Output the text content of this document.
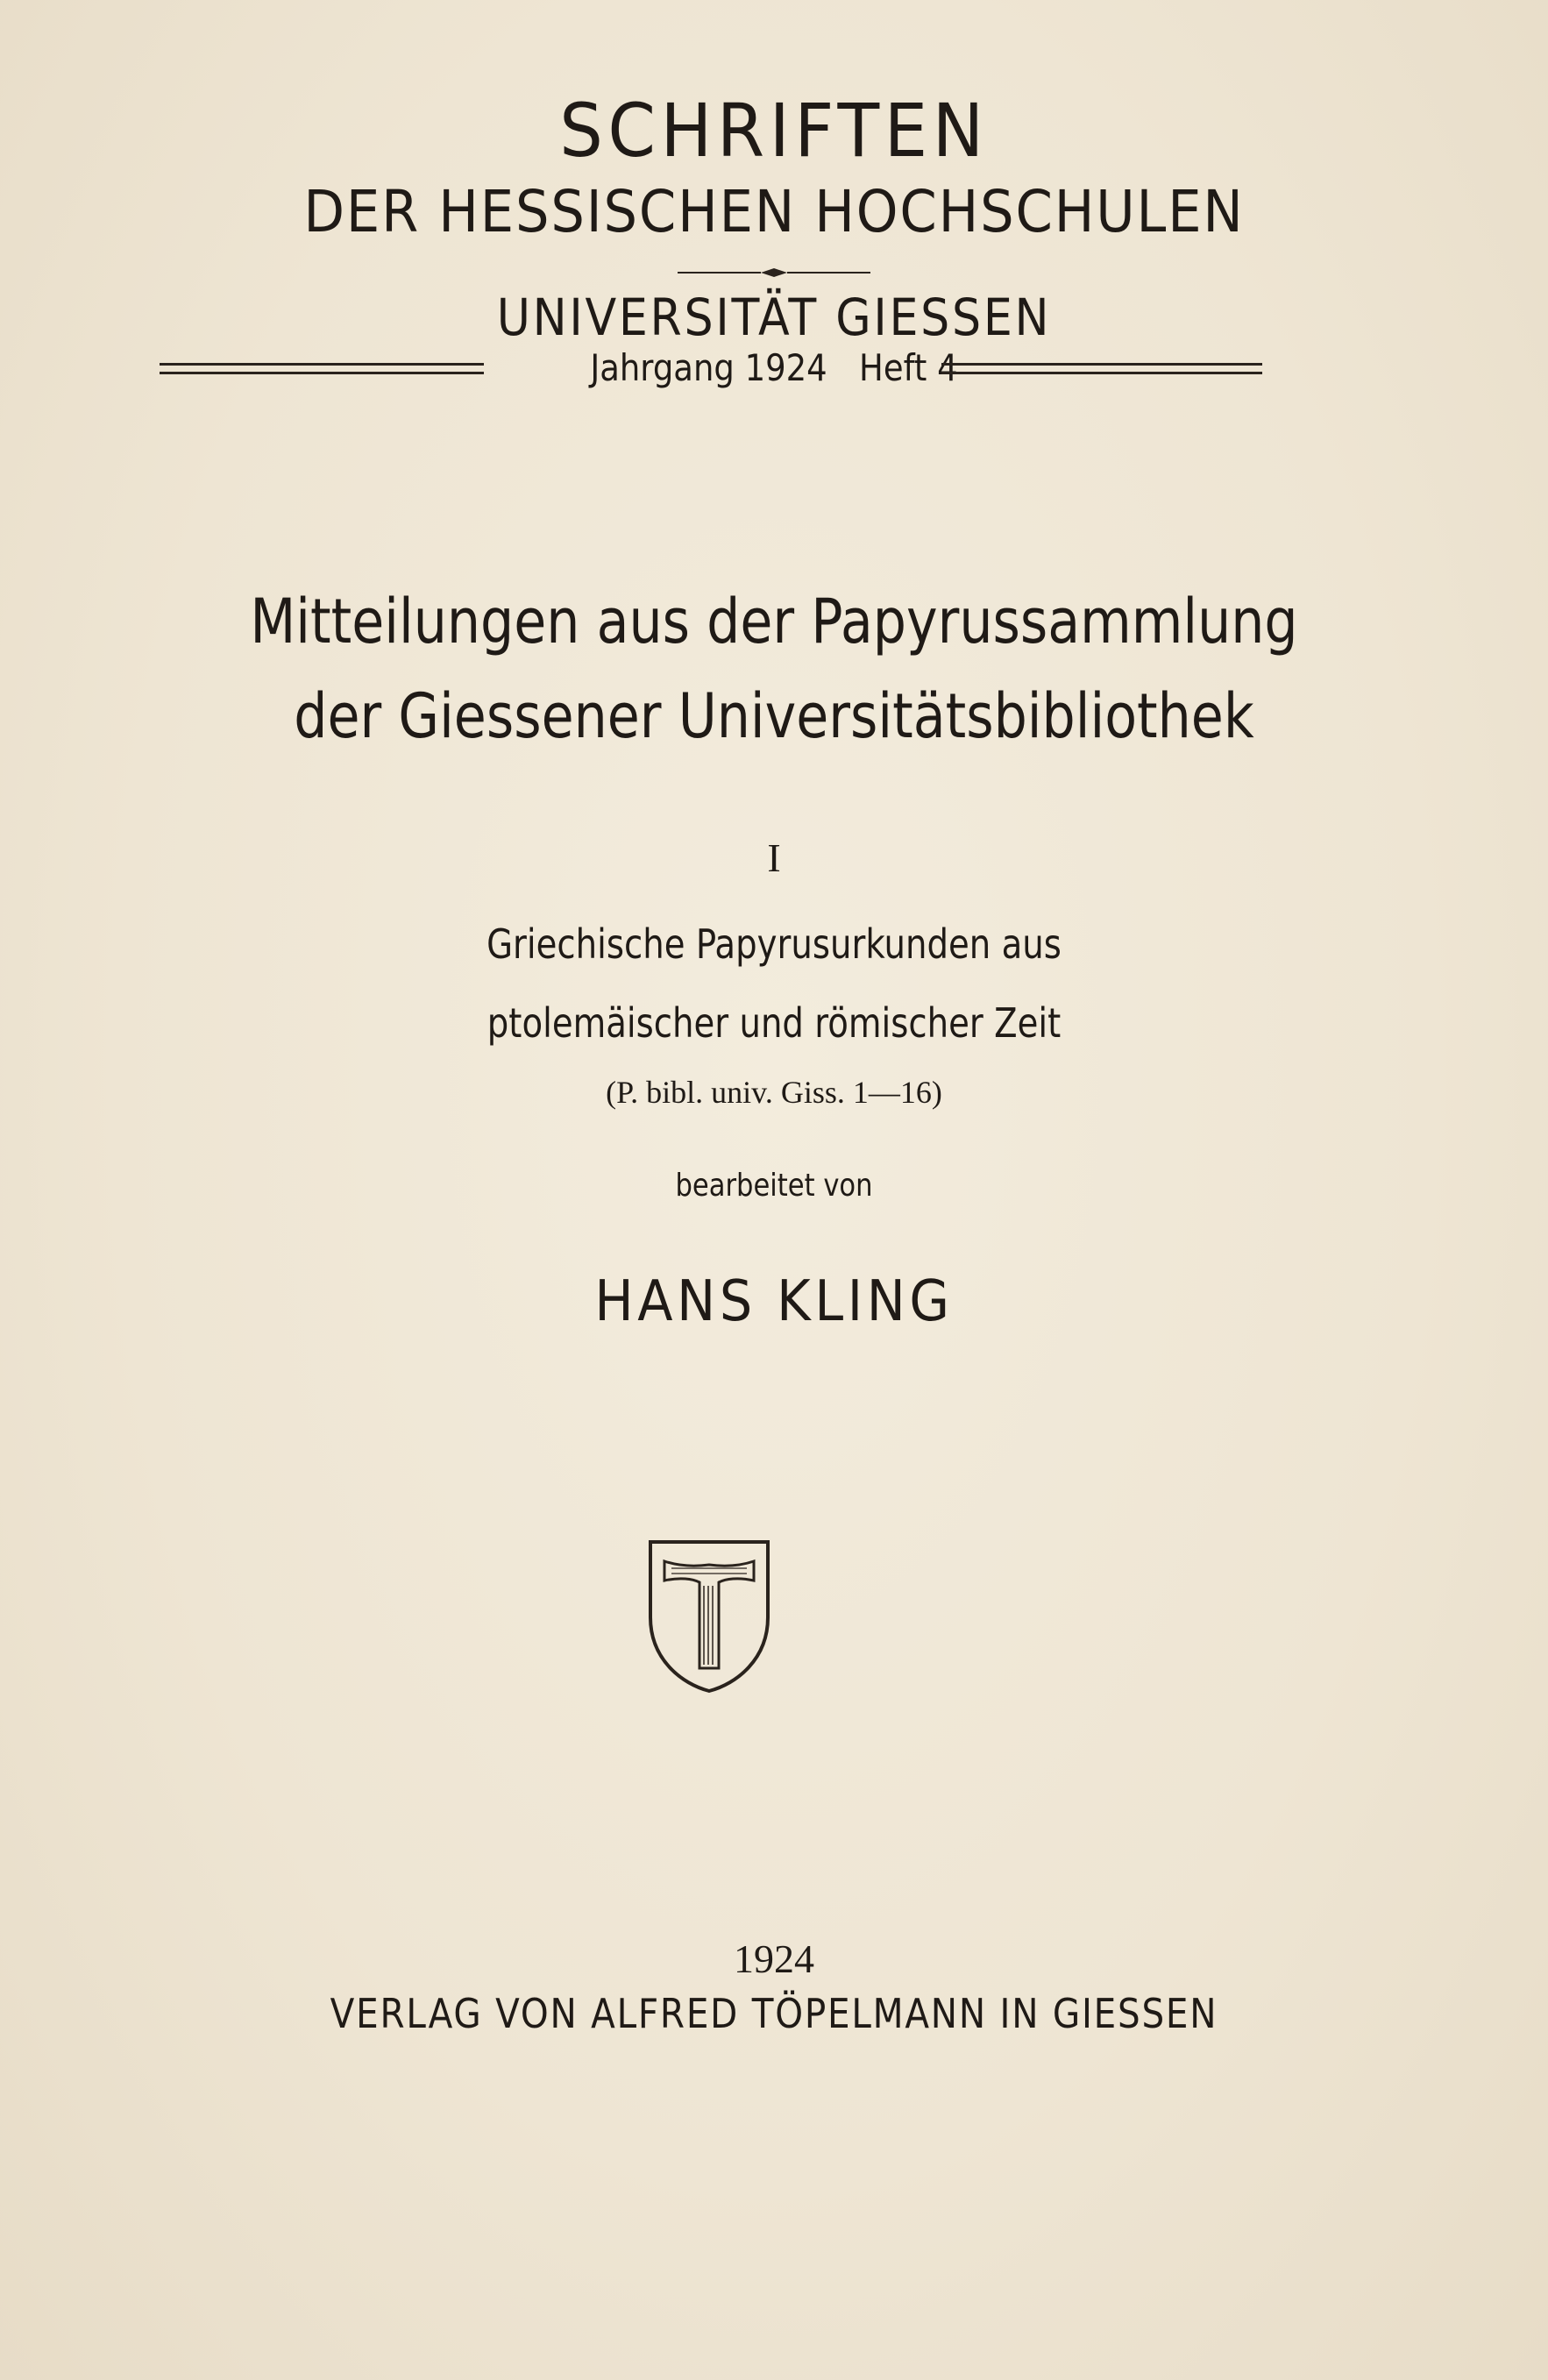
SCHRIFTEN
DER HESSISCHEN HOCHSCHULEN
UNIVERSITÄT GIESSEN
Jahrgang 1924 Heft 4
Mitteilungen aus der Papyrussammlung
der Giessener Universitätsbibliothek
I
Griechische Papyrusurkunden aus
ptolemäischer und römischer Zeit
(P. bibl. univ. Giss. 1—16)
bearbeitet von
HANS KLING
1924
VERLAG VON ALFRED TÖPELMANN IN GIESSEN
